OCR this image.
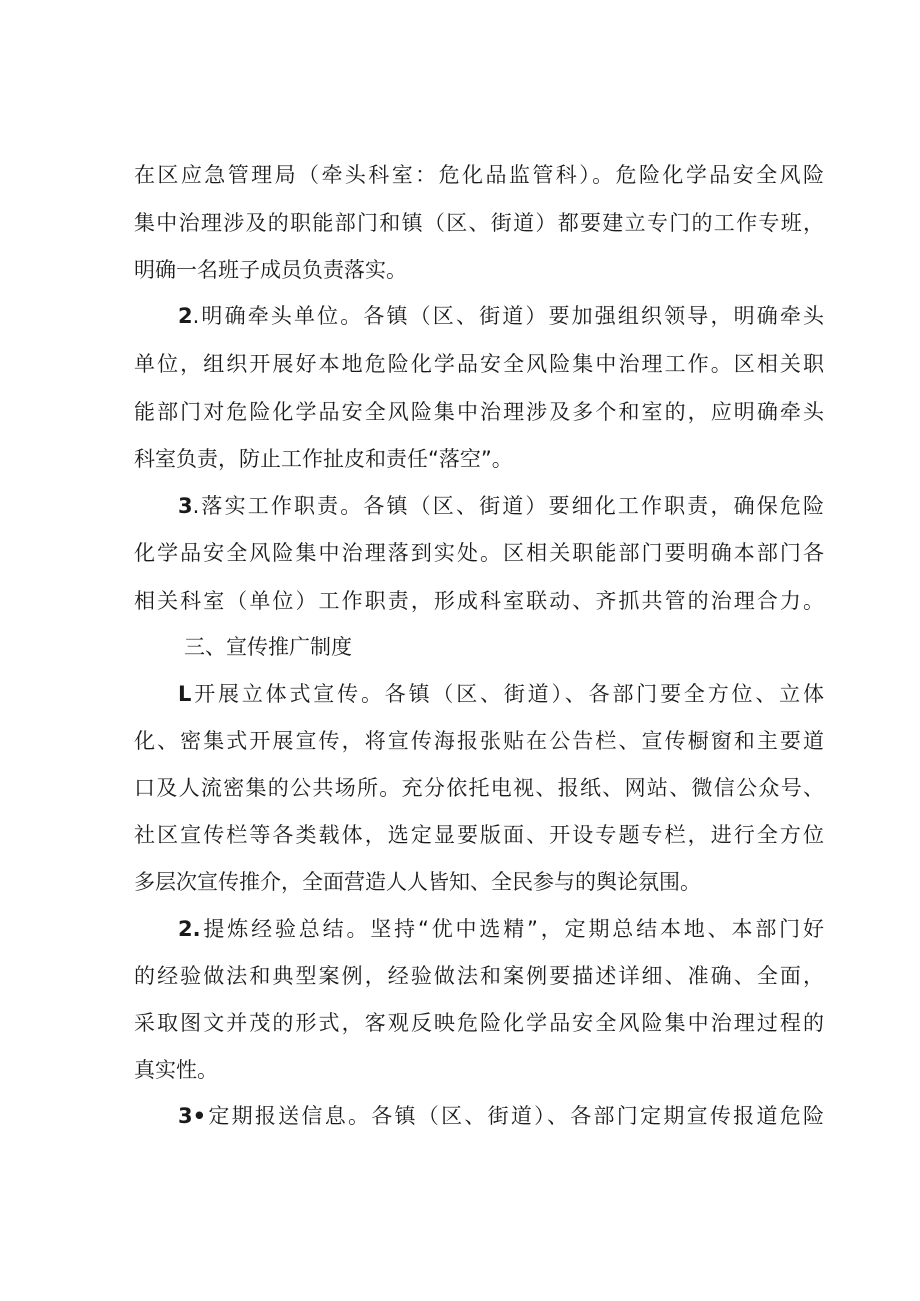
在区应急管理局（牵头科室：危化品监管科）。危险化学品安全风险
集中治理涉及的职能部门和镇（区、街道）都要建立专门的工作专班，
明确一名班子成员负责落实。
2.明确牵头单位。各镇（区、街道）要加强组织领导，明确牵头
单位，组织开展好本地危险化学品安全风险集中治理工作。区相关职
能部门对危险化学品安全风险集中治理涉及多个和室的，应明确牵头
科室负责，防止工作扯皮和责任“落空”。
3.落实工作职责。各镇（区、街道）要细化工作职责，确保危险
化学品安全风险集中治理落到实处。区相关职能部门要明确本部门各
相关科室（单位）工作职责，形成科室联动、齐抓共管的治理合力。
三、宣传推广制度
L开展立体式宣传。各镇（区、街道）、各部门要全方位、立体
化、密集式开展宣传，将宣传海报张贴在公告栏、宣传橱窗和主要道
口及人流密集的公共场所。充分依托电视、报纸、网站、微信公众号、
社区宣传栏等各类载体，选定显要版面、开设专题专栏，进行全方位
多层次宣传推介，全面营造人人皆知、全民参与的舆论氛围。
2.提炼经验总结。坚持“优中选精”，定期总结本地、本部门好
的经验做法和典型案例，经验做法和案例要描述详细、准确、全面，
采取图文并茂的形式，客观反映危险化学品安全风险集中治理过程的
真实性。
3•定期报送信息。各镇（区、街道）、各部门定期宣传报道危险
